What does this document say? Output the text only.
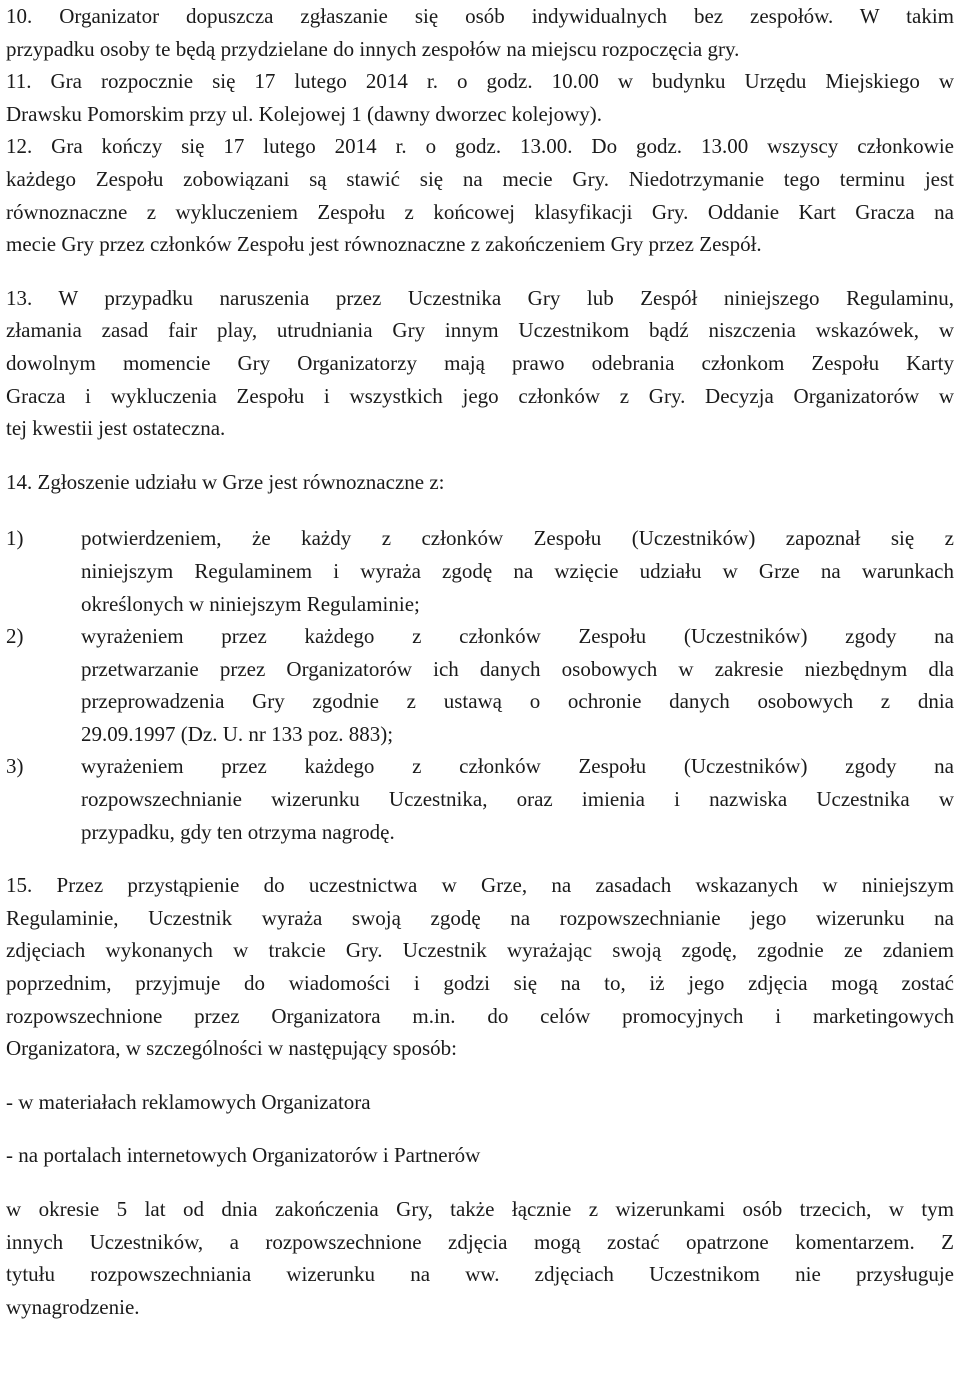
10. Organizator dopuszcza zgłaszanie się osób indywidualnych bez zespołów. W takim
przypadku osoby te będą przydzielane do innych zespołów na miejscu rozpoczęcia gry.
11. Gra rozpocznie się 17 lutego 2014 r. o godz. 10.00 w budynku Urzędu Miejskiego w
Drawsku Pomorskim przy ul. Kolejowej 1 (dawny dworzec kolejowy).
12. Gra kończy się 17 lutego 2014 r. o godz. 13.00. Do godz. 13.00 wszyscy członkowie
każdego Zespołu zobowiązani są stawić się na mecie Gry. Niedotrzymanie tego terminu jest
równoznaczne z wykluczeniem Zespołu z końcowej klasyfikacji Gry. Oddanie Kart Gracza na
mecie Gry przez członków Zespołu jest równoznaczne z zakończeniem Gry przez Zespół.
13. W przypadku naruszenia przez Uczestnika Gry lub Zespół niniejszego Regulaminu,
złamania zasad fair play, utrudniania Gry innym Uczestnikom bądź niszczenia wskazówek, w
dowolnym momencie Gry Organizatorzy mają prawo odebrania członkom Zespołu Karty
Gracza i wykluczenia Zespołu i wszystkich jego członków z Gry. Decyzja Organizatorów w
tej kwestii jest ostateczna.
14. Zgłoszenie udziału w Grze jest równoznaczne z:
1)	potwierdzeniem, że każdy z członków Zespołu (Uczestników) zapoznał się z
niniejszym Regulaminem i wyraża zgodę na wzięcie udziału w Grze na warunkach
określonych w niniejszym Regulaminie;
2)	wyrażeniem przez każdego z członków Zespołu (Uczestników) zgody na
przetwarzanie przez Organizatorów ich danych osobowych w zakresie niezbędnym dla
przeprowadzenia Gry zgodnie z ustawą o ochronie danych osobowych z dnia
29.09.1997 (Dz. U. nr 133 poz. 883);
3)	wyrażeniem przez każdego z członków Zespołu (Uczestników) zgody na
rozpowszechnianie wizerunku Uczestnika, oraz imienia i nazwiska Uczestnika w
przypadku, gdy ten otrzyma nagrodę.
15. Przez przystąpienie do uczestnictwa w Grze, na zasadach wskazanych w niniejszym
Regulaminie, Uczestnik wyraża swoją zgodę na rozpowszechnianie jego wizerunku na
zdjęciach wykonanych w trakcie Gry. Uczestnik wyrażając swoją zgodę, zgodnie ze zdaniem
poprzednim, przyjmuje do wiadomości i godzi się na to, iż jego zdjęcia mogą zostać
rozpowszechnione przez Organizatora m.in. do celów promocyjnych i marketingowych
Organizatora, w szczególności w następujący sposób:
- w materiałach reklamowych Organizatora
- na portalach internetowych Organizatorów i Partnerów
w okresie 5 lat od dnia zakończenia Gry, także łącznie z wizerunkami osób trzecich, w tym
innych Uczestników, a rozpowszechnione zdjęcia mogą zostać opatrzone komentarzem. Z
tytułu rozpowszechniania wizerunku na ww. zdjęciach Uczestnikom nie przysługuje
wynagrodzenie.
